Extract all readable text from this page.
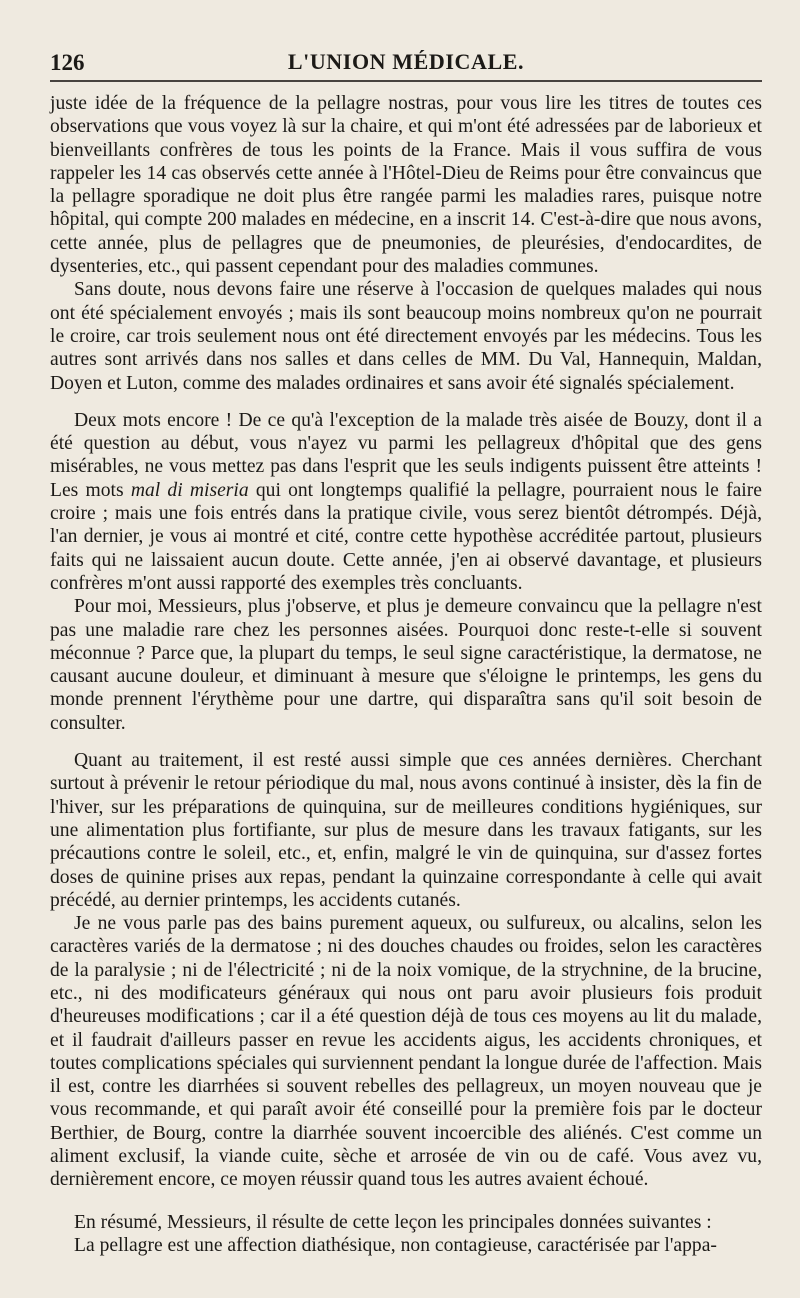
126	L'UNION MÉDICALE.

juste idée de la fréquence de la pellagre nostras, pour vous lire les titres de toutes ces observations que vous voyez là sur la chaire, et qui m'ont été adressées par de laborieux et bienveillants confrères de tous les points de la France. Mais il vous suffira de vous rappeler les 14 cas observés cette année à l'Hôtel-Dieu de Reims pour être convaincus que la pellagre sporadique ne doit plus être rangée parmi les maladies rares, puisque notre hôpital, qui compte 200 malades en médecine, en a inscrit 14. C'est-à-dire que nous avons, cette année, plus de pellagres que de pneumonies, de pleurésies, d'endocardites, de dysenteries, etc., qui passent cependant pour des maladies communes.

Sans doute, nous devons faire une réserve à l'occasion de quelques malades qui nous ont été spécialement envoyés ; mais ils sont beaucoup moins nombreux qu'on ne pourrait le croire, car trois seulement nous ont été directement envoyés par les médecins. Tous les autres sont arrivés dans nos salles et dans celles de MM. Du Val, Hannequin, Maldan, Doyen et Luton, comme des malades ordinaires et sans avoir été signalés spécialement.

Deux mots encore ! De ce qu'à l'exception de la malade très aisée de Bouzy, dont il a été question au début, vous n'ayez vu parmi les pellagreux d'hôpital que des gens misérables, ne vous mettez pas dans l'esprit que les seuls indigents puissent être atteints ! Les mots mal di miseria qui ont longtemps qualifié la pellagre, pourraient nous le faire croire ; mais une fois entrés dans la pratique civile, vous serez bientôt détrompés. Déjà, l'an dernier, je vous ai montré et cité, contre cette hypothèse accréditée partout, plusieurs faits qui ne laissaient aucun doute. Cette année, j'en ai observé davantage, et plusieurs confrères m'ont aussi rapporté des exemples très concluants.

Pour moi, Messieurs, plus j'observe, et plus je demeure convaincu que la pellagre n'est pas une maladie rare chez les personnes aisées. Pourquoi donc reste-t-elle si souvent méconnue ? Parce que, la plupart du temps, le seul signe caractéristique, la dermatose, ne causant aucune douleur, et diminuant à mesure que s'éloigne le printemps, les gens du monde prennent l'érythème pour une dartre, qui disparaîtra sans qu'il soit besoin de consulter.

Quant au traitement, il est resté aussi simple que ces années dernières. Cherchant surtout à prévenir le retour périodique du mal, nous avons continué à insister, dès la fin de l'hiver, sur les préparations de quinquina, sur de meilleures conditions hygiéniques, sur une alimentation plus fortifiante, sur plus de mesure dans les travaux fatigants, sur les précautions contre le soleil, etc., et, enfin, malgré le vin de quinquina, sur d'assez fortes doses de quinine prises aux repas, pendant la quinzaine correspondante à celle qui avait précédé, au dernier printemps, les accidents cutanés.

Je ne vous parle pas des bains purement aqueux, ou sulfureux, ou alcalins, selon les caractères variés de la dermatose ; ni des douches chaudes ou froides, selon les caractères de la paralysie ; ni de l'électricité ; ni de la noix vomique, de la strychnine, de la brucine, etc., ni des modificateurs généraux qui nous ont paru avoir plusieurs fois produit d'heureuses modifications ; car il a été question déjà de tous ces moyens au lit du malade, et il faudrait d'ailleurs passer en revue les accidents aigus, les accidents chroniques, et toutes complications spéciales qui surviennent pendant la longue durée de l'affection. Mais il est, contre les diarrhées si souvent rebelles des pellagreux, un moyen nouveau que je vous recommande, et qui paraît avoir été conseillé pour la première fois par le docteur Berthier, de Bourg, contre la diarrhée souvent incoercible des aliénés. C'est comme un aliment exclusif, la viande cuite, sèche et arrosée de vin ou de café. Vous avez vu, dernièrement encore, ce moyen réussir quand tous les autres avaient échoué.

En résumé, Messieurs, il résulte de cette leçon les principales données suivantes :

La pellagre est une affection diathésique, non contagieuse, caractérisée par l'appa-
